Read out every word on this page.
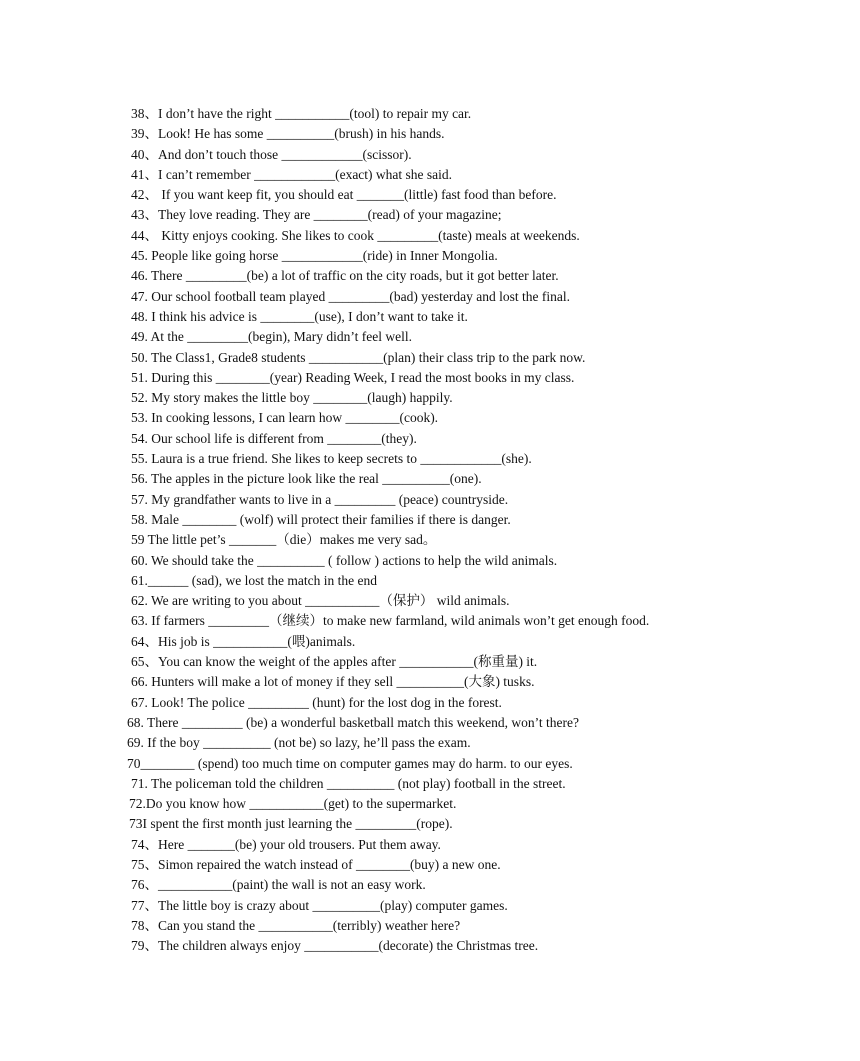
38、I don’t have the right ___________(tool) to repair my car.
39、Look! He has some __________(brush) in his hands.
40、And don’t touch those ____________(scissor).
41、I can’t remember ____________(exact) what she said.
42、 If you want keep fit, you should eat _______(little) fast food than before.
43、They love reading. They are ________(read) of your magazine;
44、 Kitty enjoys cooking. She likes to cook _________(taste) meals at weekends.
45. People like going horse ____________(ride) in Inner Mongolia.
46. There _________(be) a lot of traffic on the city roads, but it got better later.
47. Our school football team played _________(bad) yesterday and lost the final.
48. I think his advice is ________(use), I don’t want to take it.
49. At the _________(begin), Mary didn’t feel well.
50. The Class1, Grade8 students ___________(plan) their class trip to the park now.
51. During this ________(year) Reading Week, I read the most books in my class.
52. My story makes the little boy ________(laugh) happily.
53. In cooking lessons, I can learn how ________(cook).
54. Our school life is different from ________(they).
55. Laura is a true friend. She likes to keep secrets to ____________(she).
56. The apples in the picture look like the real __________(one).
57. My grandfather wants to live in a _________ (peace) countryside.
58. Male ________ (wolf) will protect their families if there is danger.
59 The little pet’s _______（die）makes me very sad。
60. We should take the __________ ( follow ) actions to help the wild animals.
61.______ (sad), we lost the match in the end
62. We are writing to you about ___________（保护） wild animals.
63. If farmers _________（继续）to make new farmland, wild animals won’t get enough food.
64、His job is ___________(喂)animals.
65、You can know the weight of the apples after ___________(称重量) it.
66. Hunters will make a lot of money if they sell __________(大象) tusks.
67. Look! The police _________ (hunt) for the lost dog in the forest.
68. There _________ (be) a wonderful basketball match this weekend, won’t there?
69. If the boy __________ (not be) so lazy, he’ll pass the exam.
70________ (spend) too much time on computer games may do harm. to our eyes.
71. The policeman told the children __________ (not play) football in the street.
72.Do you know how ___________(get) to the supermarket.
73I spent the first month just learning the _________(rope).
74、Here _______(be) your old trousers. Put them away.
75、Simon repaired the watch instead of ________(buy) a new one.
76、___________(paint) the wall is not an easy work.
77、The little boy is crazy about __________(play) computer games.
78、Can you stand the ___________(terribly) weather here?
79、The children always enjoy ___________(decorate) the Christmas tree.
